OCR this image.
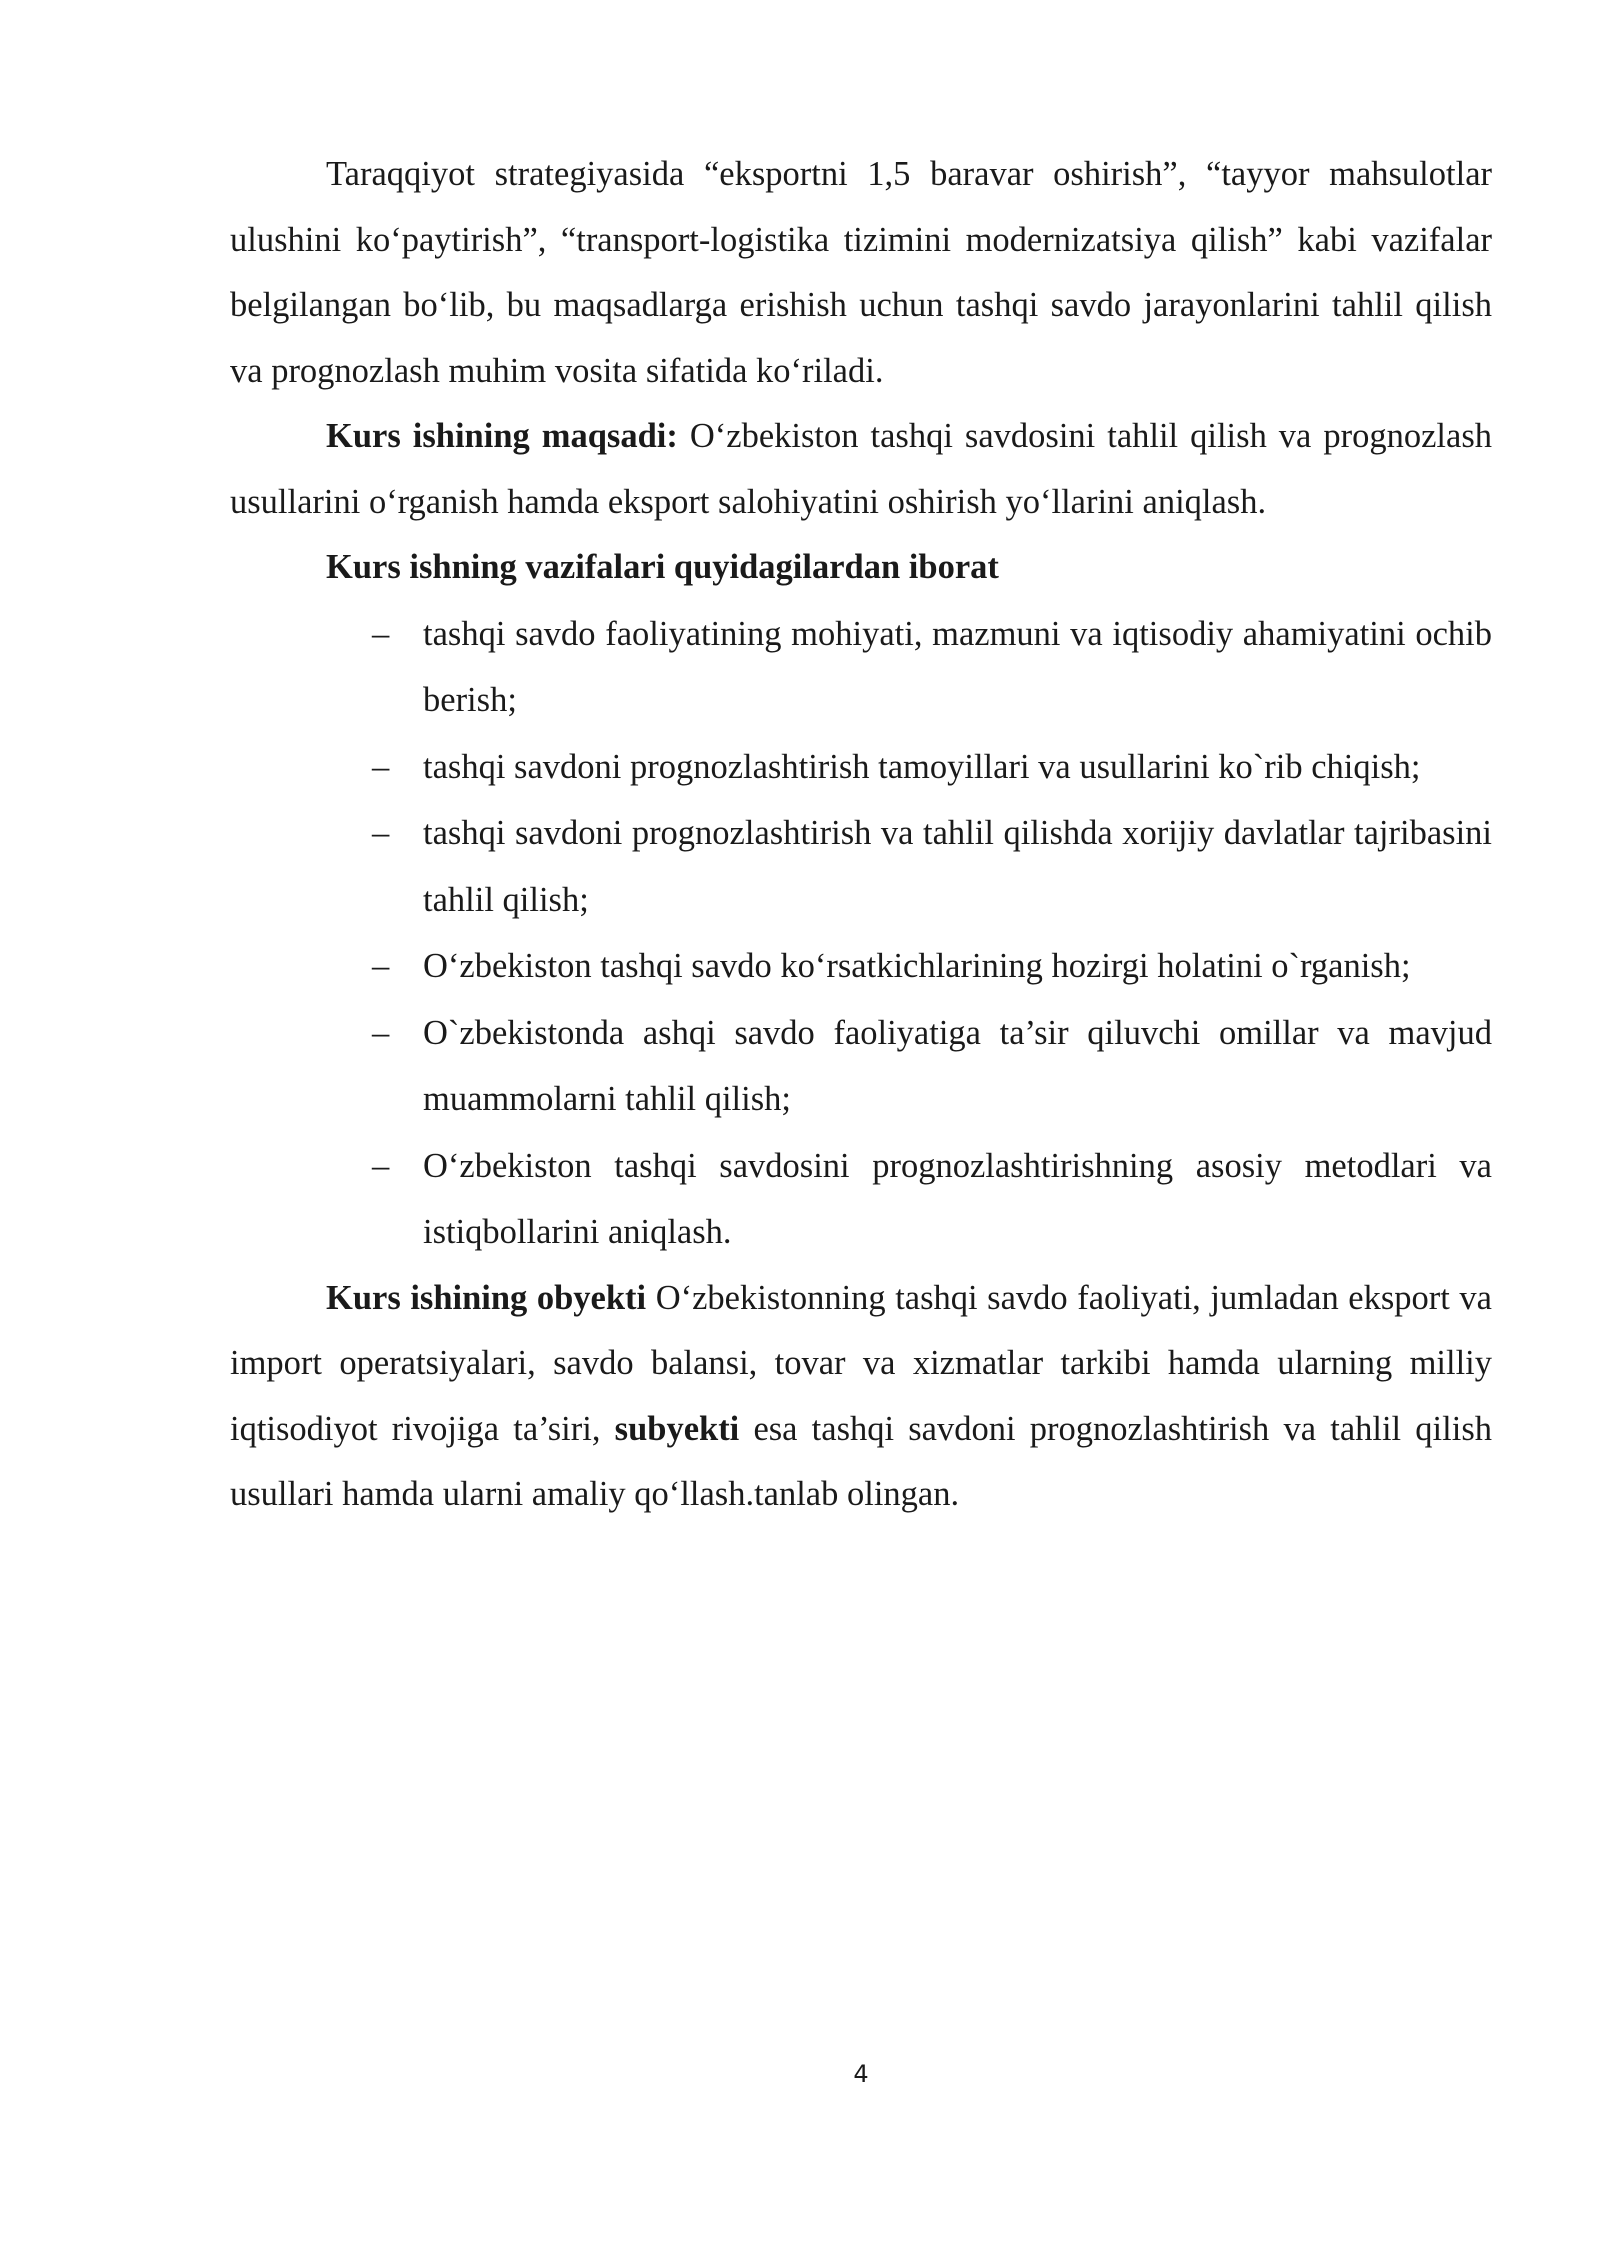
Taraqqiyot strategiyasida “eksportni 1,5 baravar oshirish”, “tayyor mahsulotlar ulushini ko‘paytirish”, “transport-logistika tizimini modernizatsiya qilish” kabi vazifalar belgilangan bo‘lib, bu maqsadlarga erishish uchun tashqi savdo jarayonlarini tahlil qilish va prognozlash muhim vosita sifatida ko‘riladi.

Kurs ishining maqsadi: O‘zbekiston tashqi savdosini tahlil qilish va prognozlash usullarini o‘rganish hamda eksport salohiyatini oshirish yo‘llarini aniqlash.

Kurs ishning vazifalari quyidagilardan iborat

– tashqi savdo faoliyatining mohiyati, mazmuni va iqtisodiy ahamiyatini ochib berish;
– tashqi savdoni prognozlashtirish tamoyillari va usullarini ko`rib chiqish;
– tashqi savdoni prognozlashtirish va tahlil qilishda xorijiy davlatlar tajribasini tahlil qilish;
– O‘zbekiston tashqi savdo ko‘rsatkichlarining hozirgi holatini o`rganish;
– O`zbekistonda ashqi savdo faoliyatiga ta’sir qiluvchi omillar va mavjud muammolarni tahlil qilish;
– O‘zbekiston tashqi savdosini prognozlashtirishning asosiy metodlari va istiqbollarini aniqlash.

Kurs ishining obyekti O‘zbekistonning tashqi savdo faoliyati, jumladan eksport va import operatsiyalari, savdo balansi, tovar va xizmatlar tarkibi hamda ularning milliy iqtisodiyot rivojiga ta’siri, subyekti esa tashqi savdoni prognozlashtirish va tahlil qilish usullari hamda ularni amaliy qo‘llash.tanlab olingan.

4
